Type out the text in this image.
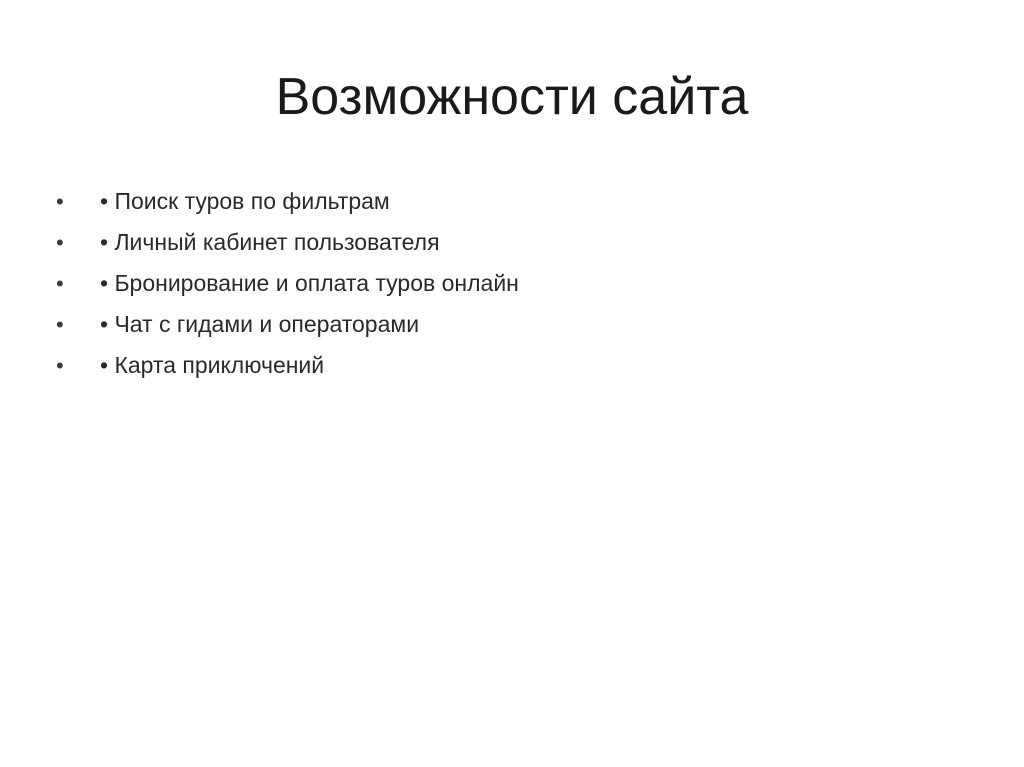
Возможности сайта
• • Поиск туров по фильтрам
• • Личный кабинет пользователя
• • Бронирование и оплата туров онлайн
• • Чат с гидами и операторами
• • Карта приключений
